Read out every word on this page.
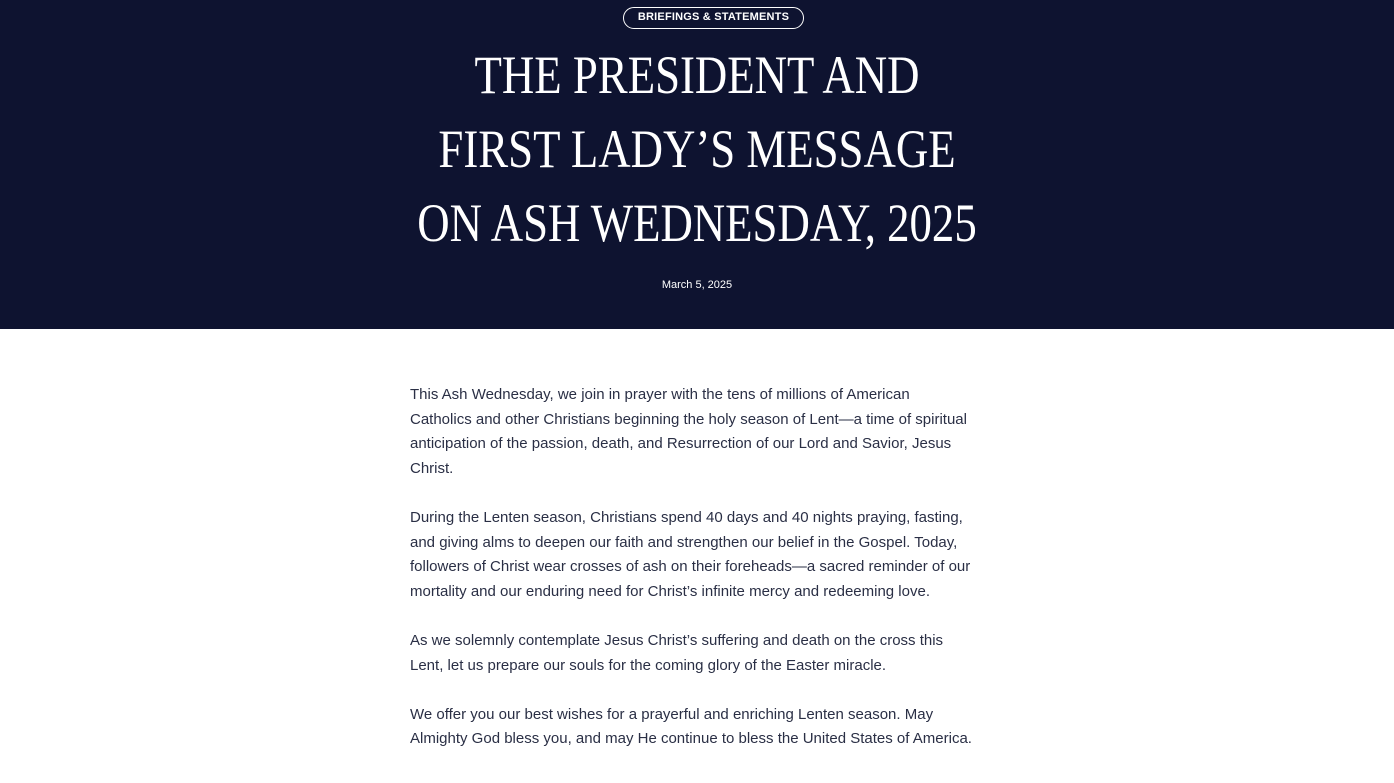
BRIEFINGS & STATEMENTS
THE PRESIDENT AND
FIRST LADY’S MESSAGE
ON ASH WEDNESDAY, 2025
March 5, 2025

This Ash Wednesday, we join in prayer with the tens of millions of American
Catholics and other Christians beginning the holy season of Lent—a time of spiritual
anticipation of the passion, death, and Resurrection of our Lord and Savior, Jesus
Christ.

During the Lenten season, Christians spend 40 days and 40 nights praying, fasting,
and giving alms to deepen our faith and strengthen our belief in the Gospel. Today,
followers of Christ wear crosses of ash on their foreheads—a sacred reminder of our
mortality and our enduring need for Christ’s infinite mercy and redeeming love.

As we solemnly contemplate Jesus Christ’s suffering and death on the cross this
Lent, let us prepare our souls for the coming glory of the Easter miracle.

We offer you our best wishes for a prayerful and enriching Lenten season. May
Almighty God bless you, and may He continue to bless the United States of America.
